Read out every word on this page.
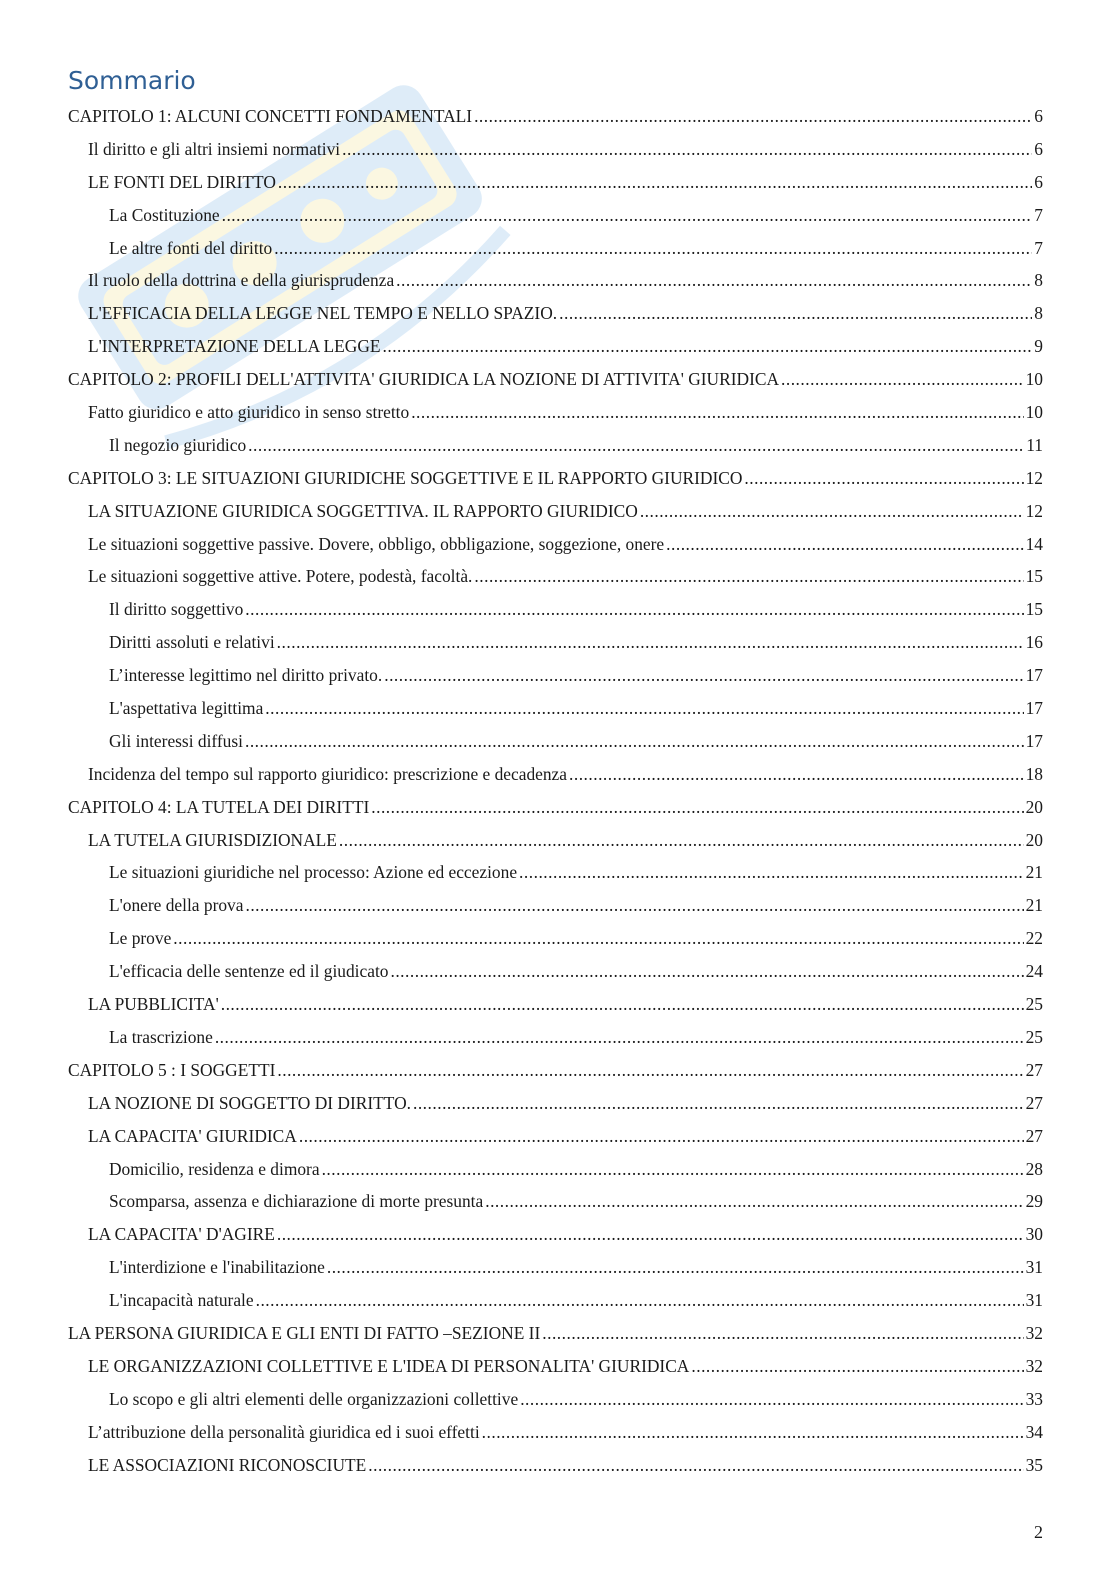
Sommario
CAPITOLO 1: ALCUNI CONCETTI FONDAMENTALI .....	6
Il diritto e gli altri insiemi normativi .....	6
LE FONTI DEL DIRITTO .....	6
La Costituzione .....	7
Le altre fonti del diritto .....	7
Il ruolo della dottrina e della giurisprudenza .....	8
L'EFFICACIA DELLA LEGGE NEL TEMPO E NELLO SPAZIO. .....	8
L'INTERPRETAZIONE DELLA LEGGE .....	9
CAPITOLO 2: PROFILI DELL'ATTIVITA' GIURIDICA LA NOZIONE DI ATTIVITA' GIURIDICA .....	10
Fatto giuridico e atto giuridico in senso stretto .....	10
Il negozio giuridico .....	11
CAPITOLO 3: LE SITUAZIONI GIURIDICHE SOGGETTIVE E IL RAPPORTO GIURIDICO .....	12
LA SITUAZIONE GIURIDICA SOGGETTIVA. IL RAPPORTO GIURIDICO .....	12
Le situazioni soggettive passive. Dovere, obbligo, obbligazione, soggezione, onere .....	14
Le situazioni soggettive attive. Potere, podestà, facoltà. .....	15
Il diritto soggettivo .....	15
Diritti assoluti e relativi .....	16
L’interesse legittimo nel diritto privato. .....	17
L'aspettativa legittima .....	17
Gli interessi diffusi .....	17
Incidenza del tempo sul rapporto giuridico: prescrizione e decadenza .....	18
CAPITOLO 4: LA TUTELA DEI DIRITTI .....	20
LA TUTELA GIURISDIZIONALE .....	20
Le situazioni giuridiche nel processo: Azione ed eccezione .....	21
L'onere della prova .....	21
Le prove .....	22
L'efficacia delle sentenze ed il giudicato .....	24
LA PUBBLICITA' .....	25
La trascrizione .....	25
CAPITOLO 5 : I SOGGETTI .....	27
LA NOZIONE DI SOGGETTO DI DIRITTO. .....	27
LA CAPACITA' GIURIDICA .....	27
Domicilio, residenza e dimora .....	28
Scomparsa, assenza e dichiarazione di morte presunta .....	29
LA CAPACITA' D'AGIRE .....	30
L'interdizione e l'inabilitazione .....	31
L'incapacità naturale .....	31
LA PERSONA GIURIDICA E GLI ENTI DI FATTO –SEZIONE II .....	32
LE ORGANIZZAZIONI COLLETTIVE E L'IDEA DI PERSONALITA' GIURIDICA .....	32
Lo scopo e gli altri elementi delle organizzazioni collettive .....	33
L’attribuzione della personalità giuridica ed i suoi effetti .....	34
LE ASSOCIAZIONI RICONOSCIUTE .....	35
2
